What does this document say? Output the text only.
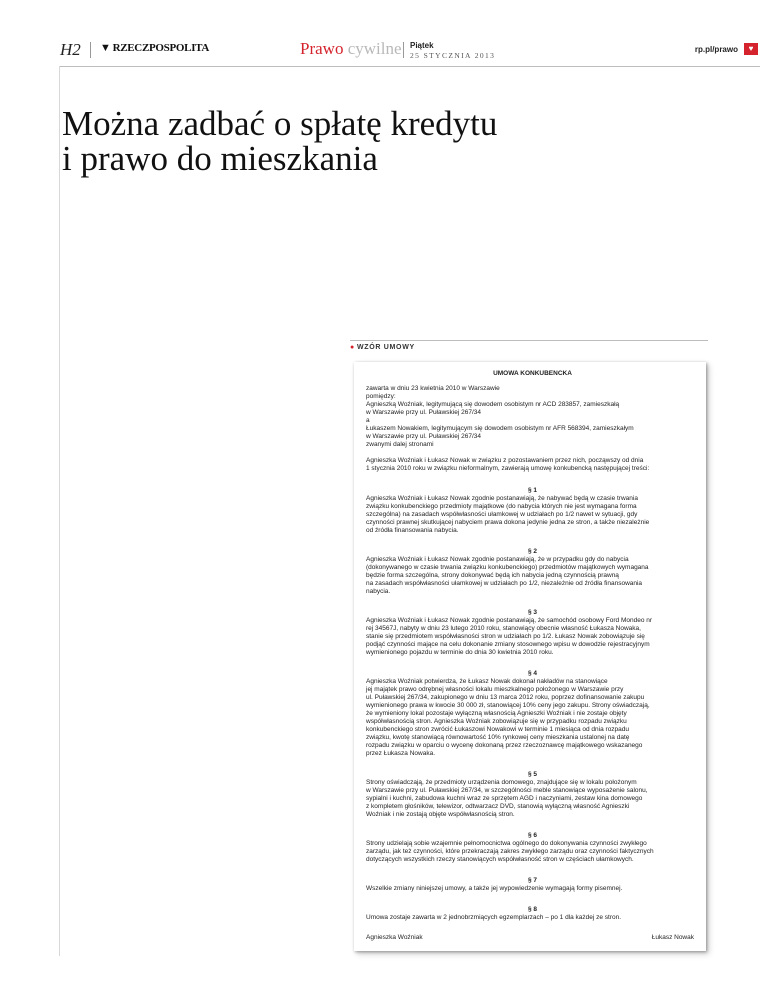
H2 ▼ RZECZPOSPOLITA	Prawo cywilne Piątek
25 STYCZNIA 2013
rp.pl/prawo	♥
Można zadbać o spłatę kredytu
i prawo do mieszkania
● WZÓR UMOWY
UMOWA KONKUBENCKA

zawarta w dniu 23 kwietnia 2010 w Warszawie
pomiędzy:
Agnieszką Woźniak, legitymującą się dowodem osobistym nr ACD 283857, zamieszkałą
w Warszawie przy ul. Puławskiej 267/34
a
Łukaszem Nowakiem, legitymującym się dowodem osobistym nr AFR 568394, zamieszkałym
w Warszawie przy ul. Puławskiej 267/34
zwanymi dalej stronami

Agnieszka Woźniak i Łukasz Nowak w związku z pozostawaniem przez nich, począwszy od dnia
1 stycznia 2010 roku w związku nieformalnym, zawierają umowę konkubencką następującej treści:

§ 1

Agnieszka Woźniak i Łukasz Nowak zgodnie postanawiają, że nabywać będą w czasie trwania
związku konkubenckiego przedmioty majątkowe (do nabycia których nie jest wymagana forma
szczególna) na zasadach współwłasności ułamkowej w udziałach po 1/2 nawet w sytuacji, gdy
czynności prawnej skutkującej nabyciem prawa dokona jedynie jedna ze stron, a także niezależnie
od źródła finansowania nabycia.

§ 2

Agnieszka Woźniak i Łukasz Nowak zgodnie postanawiają, że w przypadku gdy do nabycia
(dokonywanego w czasie trwania związku konkubenckiego) przedmiotów majątkowych wymagana
będzie forma szczególna, strony dokonywać będą ich nabycia jedną czynnością prawną
na zasadach współwłasności ułamkowej w udziałach po 1/2, niezależnie od źródła finansowania
nabycia.

§ 3

Agnieszka Woźniak i Łukasz Nowak zgodnie postanawiają, że samochód osobowy Ford Mondeo nr
rej 34567J, nabyty w dniu 23 lutego 2010 roku, stanowiący obecnie własność Łukasza Nowaka,
stanie się przedmiotem współwłasności stron w udziałach po 1/2. Łukasz Nowak zobowiązuje się
podjąć czynności mające na celu dokonanie zmiany stosownego wpisu w dowodzie rejestracyjnym
wymienionego pojazdu w terminie do dnia 30 kwietnia 2010 roku.

§ 4

Agnieszka Woźniak potwierdza, że Łukasz Nowak dokonał nakładów na stanowiące
jej majątek prawo odrębnej własności lokalu mieszkalnego położonego w Warszawie przy
ul. Puławskiej 267/34, zakupionego w dniu 13 marca 2012 roku, poprzez dofinansowanie zakupu
wymienionego prawa w kwocie 30 000 zł, stanowiącej 10% ceny jego zakupu. Strony oświadczają,
że wymieniony lokal pozostaje wyłączną własnością Agnieszki Woźniak i nie zostaje objęty
współwłasnością stron. Agnieszka Woźniak zobowiązuje się w przypadku rozpadu związku
konkubenckiego stron zwrócić Łukaszowi Nowakowi w terminie 1 miesiąca od dnia rozpadu
związku, kwotę stanowiącą równowartość 10% rynkowej ceny mieszkania ustalonej na datę
rozpadu związku w oparciu o wycenę dokonaną przez rzeczoznawcę majątkowego wskazanego
przez Łukasza Nowaka.

§ 5

Strony oświadczają, że przedmioty urządzenia domowego, znajdujące się w lokalu położonym
w Warszawie przy ul. Puławskiej 267/34, w szczególności meble stanowiące wyposażenie salonu,
sypialni i kuchni, zabudowa kuchni wraz ze sprzętem AGD i naczyniami, zestaw kina domowego
z kompletem głośników, telewizor, odtwarzacz DVD, stanowią wyłączną własność Agnieszki
Woźniak i nie zostają objęte współwłasnością stron.

§ 6

Strony udzielają sobie wzajemnie pełnomocnictwa ogólnego do dokonywania czynności zwykłego
zarządu, jak też czynności, które przekraczają zakres zwykłego zarządu oraz czynności faktycznych
dotyczących wszystkich rzeczy stanowiących współwłasność stron w częściach ułamkowych.

§ 7

Wszelkie zmiany niniejszej umowy, a także jej wypowiedzenie wymagają formy pisemnej.

§ 8

Umowa zostaje zawarta w 2 jednobrzmiących egzemplarzach – po 1 dla każdej ze stron.

Agnieszka Woźniak	Łukasz Nowak
